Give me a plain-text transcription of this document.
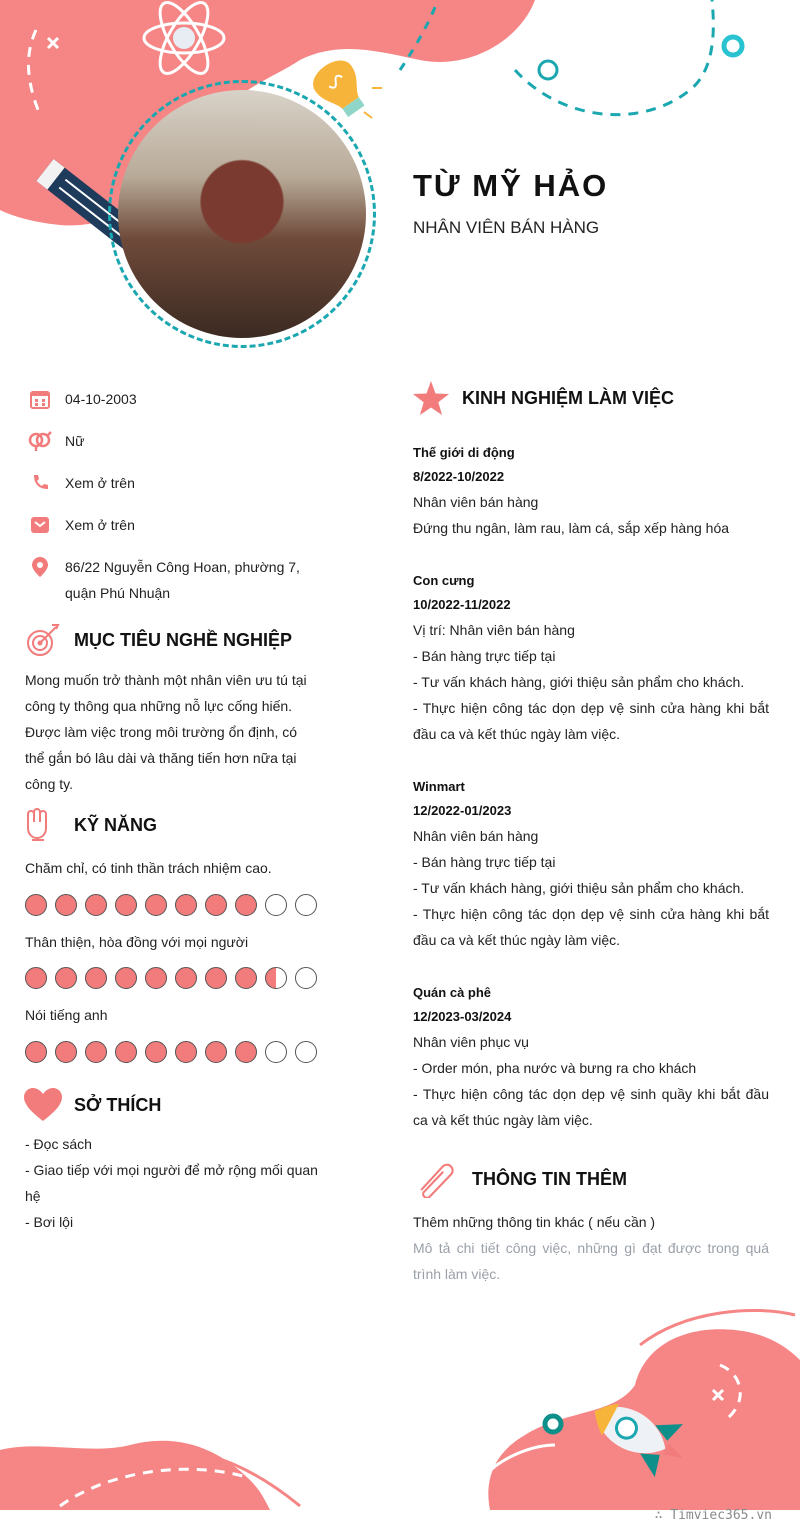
TỪ MỸ HẢO
NHÂN VIÊN BÁN HÀNG
04-10-2003
Nữ
Xem ở trên
Xem ở trên
86/22 Nguyễn Công Hoan, phường 7, quận Phú Nhuận
MỤC TIÊU NGHỀ NGHIỆP
Mong muốn trở thành một nhân viên ưu tú tại công ty thông qua những nỗ lực cống hiến. Được làm việc trong môi trường ổn định, có thể gắn bó lâu dài và thăng tiến hơn nữa tại công ty.
KỸ NĂNG
Chăm chỉ, có tinh thần trách nhiệm cao.
Thân thiện, hòa đồng với mọi người
Nói tiếng anh
SỞ THÍCH
- Đọc sách
- Giao tiếp với mọi người để mở rộng mối quan hệ
- Bơi lội
KINH NGHIỆM LÀM VIỆC
Thế giới di động
8/2022-10/2022
Nhân viên bán hàng
Đứng thu ngân, làm rau, làm cá, sắp xếp hàng hóa
Con cưng
10/2022-11/2022
Vị trí: Nhân viên bán hàng
- Bán hàng trực tiếp tại
- Tư vấn khách hàng, giới thiệu sản phẩm cho khách.
- Thực hiện công tác dọn dẹp vệ sinh cửa hàng khi bắt đầu ca và kết thúc ngày làm việc.
Winmart
12/2022-01/2023
Nhân viên bán hàng
- Bán hàng trực tiếp tại
- Tư vấn khách hàng, giới thiệu sản phẩm cho khách.
- Thực hiện công tác dọn dẹp vệ sinh cửa hàng khi bắt đầu ca và kết thúc ngày làm việc.
Quán cà phê
12/2023-03/2024
Nhân viên phục vụ
- Order món, pha nước và bưng ra cho khách
- Thực hiện công tác dọn dẹp vệ sinh quầy khi bắt đầu ca và kết thúc ngày làm việc.
THÔNG TIN THÊM
Thêm những thông tin khác ( nếu cần )
Mô tả chi tiết công việc, những gì đạt được trong quá trình làm việc.
∴ Timviec365.vn
